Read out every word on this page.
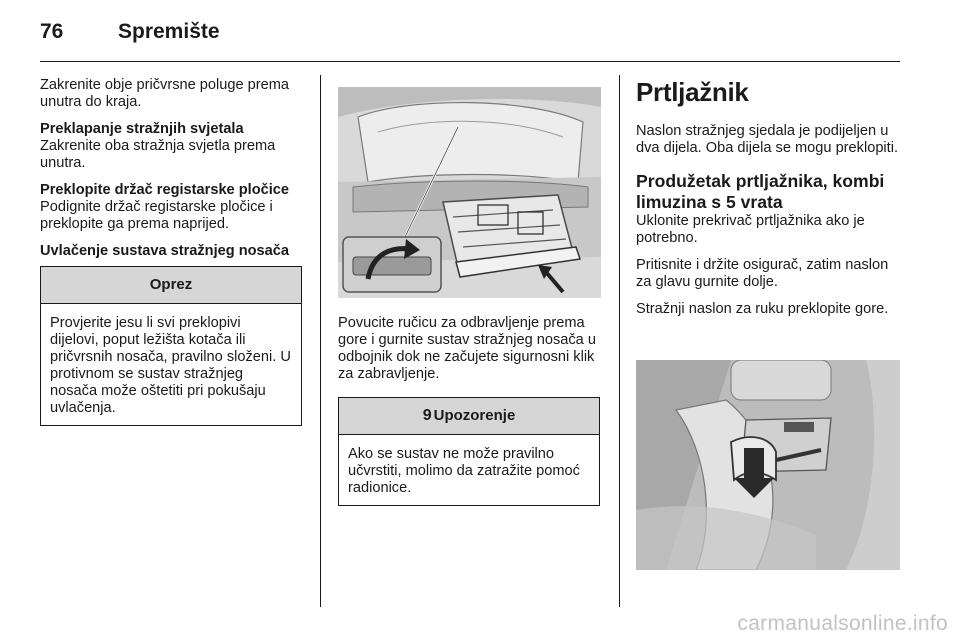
76	Spremište

Zakrenite obje pričvrsne poluge prema unutra do kraja.

Preklapanje stražnjih svjetala

Zakrenite oba stražnja svjetla prema unutra.

Preklopite držač registarske pločice

Podignite držač registarske pločice i preklopite ga prema naprijed.

Uvlačenje sustava stražnjeg nosača

Oprez
Provjerite jesu li svi preklopivi dijelovi, poput ležišta kotača ili pričvrsnih nosača, pravilno složeni. U protivnom se sustav stražnjeg nosača može oštetiti pri pokušaju uvlačenja.

Povucite ručicu za odbravljenje prema gore i gurnite sustav stražnjeg nosača u odbojnik dok ne začujete sigurnosni klik za zabravljenje.

9 Upozorenje
Ako se sustav ne može pravilno učvrstiti, molimo da zatražite pomoć radionice.
Prtljažnik

Naslon stražnjeg sjedala je podijeljen u dva dijela. Oba dijela se mogu preklopiti.

Produžetak prtljažnika, kombi limuzina s 5 vrata

Uklonite prekrivač prtljažnika ako je potrebno.

Pritisnite i držite osigurač, zatim naslon za glavu gurnite dolje.

Stražnji naslon za ruku preklopite gore.

carmanualsonline.info
